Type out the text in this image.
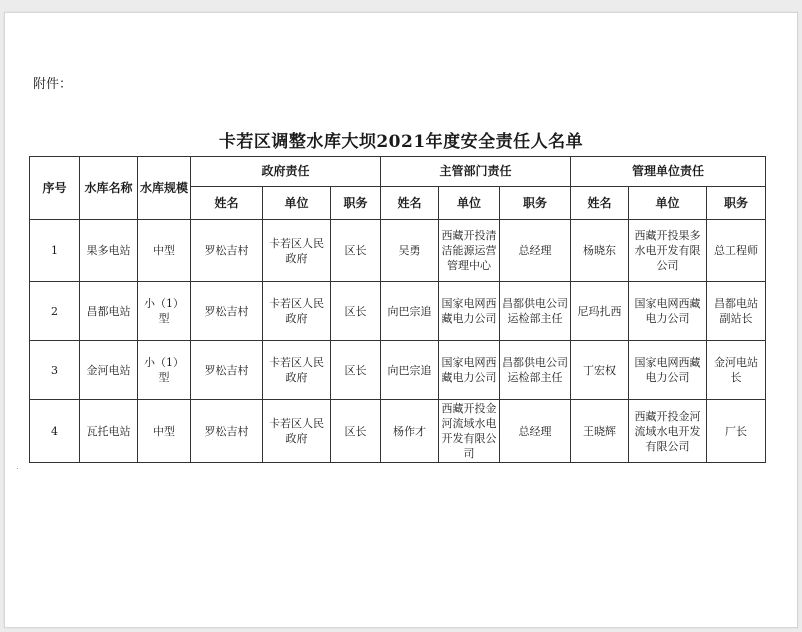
附件：
卡若区调整水库大坝2021年度安全责任人名单
序号	水库名称	水库规模	政府责任			主管部门责任			管理单位责任		
			姓名	单位	职务	姓名	单位	职务	姓名	单位	职务
1	果多电站	中型	罗松吉村	卡若区人民政府	区长	吴勇	西藏开投清洁能源运营管理中心	总经理	杨晓东	西藏开投果多水电开发有限公司	总工程师
2	昌都电站	小（1）型	罗松吉村	卡若区人民政府	区长	向巴宗追	国家电网西藏电力公司	昌都供电公司运检部主任	尼玛扎西	国家电网西藏电力公司	昌都电站副站长
3	金河电站	小（1）型	罗松吉村	卡若区人民政府	区长	向巴宗追	国家电网西藏电力公司	昌都供电公司运检部主任	丁宏权	国家电网西藏电力公司	金河电站长
4	瓦托电站	中型	罗松吉村	卡若区人民政府	区长	杨作才	西藏开投金河流域水电开发有限公司	总经理	王晓辉	西藏开投金河流域水电开发有限公司	厂长
